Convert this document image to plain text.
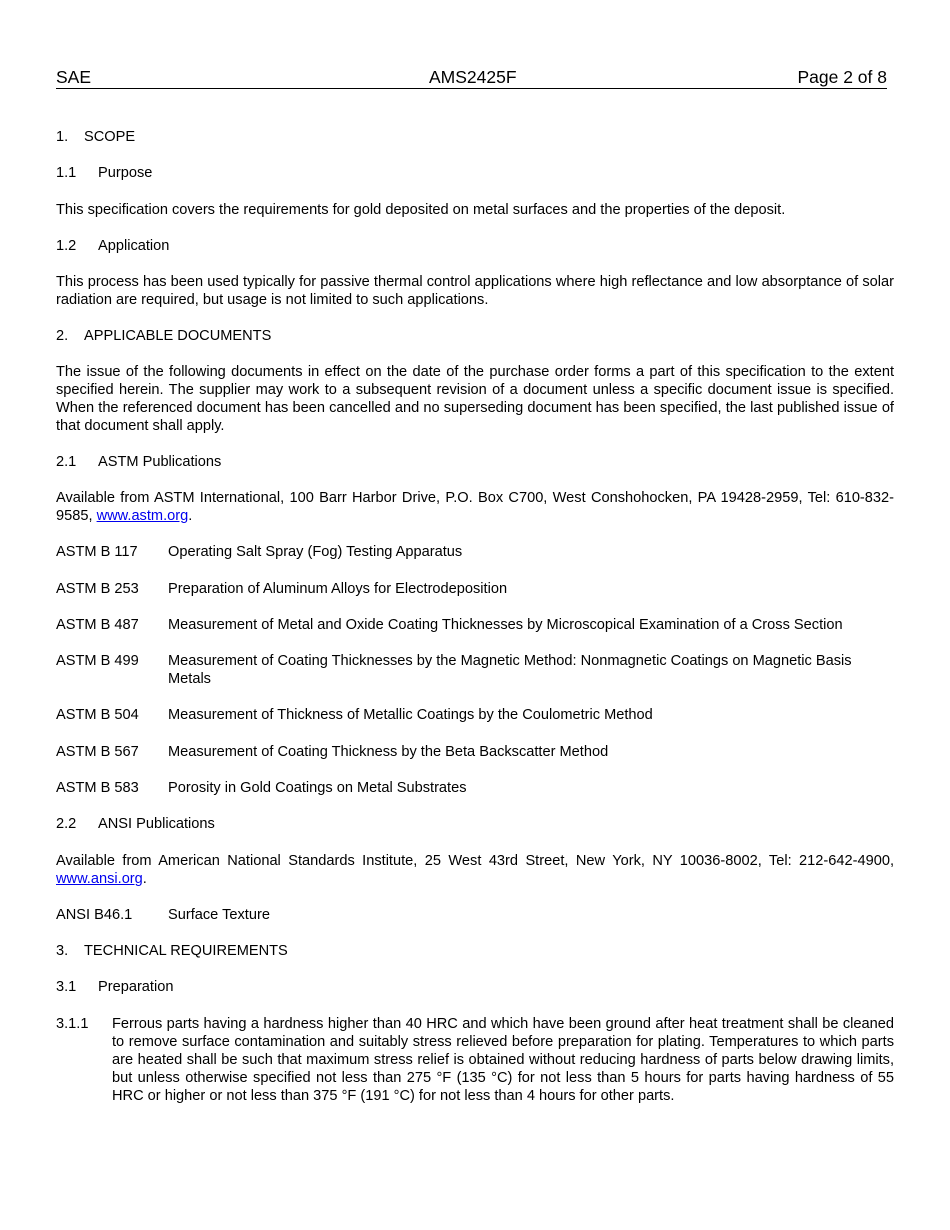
SAE	AMS2425F	Page 2 of 8
1. SCOPE
1.1 Purpose
This specification covers the requirements for gold deposited on metal surfaces and the properties of the deposit.
1.2 Application
This process has been used typically for passive thermal control applications where high reflectance and low absorptance of solar radiation are required, but usage is not limited to such applications.
2. APPLICABLE DOCUMENTS
The issue of the following documents in effect on the date of the purchase order forms a part of this specification to the extent specified herein. The supplier may work to a subsequent revision of a document unless a specific document issue is specified. When the referenced document has been cancelled and no superseding document has been specified, the last published issue of that document shall apply.
2.1 ASTM Publications
Available from ASTM International, 100 Barr Harbor Drive, P.O. Box C700, West Conshohocken, PA 19428-2959, Tel: 610-832-9585, www.astm.org.
ASTM B 117	Operating Salt Spray (Fog) Testing Apparatus
ASTM B 253	Preparation of Aluminum Alloys for Electrodeposition
ASTM B 487	Measurement of Metal and Oxide Coating Thicknesses by Microscopical Examination of a Cross Section
ASTM B 499	Measurement of Coating Thicknesses by the Magnetic Method: Nonmagnetic Coatings on Magnetic Basis Metals
ASTM B 504	Measurement of Thickness of Metallic Coatings by the Coulometric Method
ASTM B 567	Measurement of Coating Thickness by the Beta Backscatter Method
ASTM B 583	Porosity in Gold Coatings on Metal Substrates
2.2 ANSI Publications
Available from American National Standards Institute, 25 West 43rd Street, New York, NY 10036-8002, Tel: 212-642-4900, www.ansi.org.
ANSI B46.1	Surface Texture
3. TECHNICAL REQUIREMENTS
3.1 Preparation
3.1.1 Ferrous parts having a hardness higher than 40 HRC and which have been ground after heat treatment shall be cleaned to remove surface contamination and suitably stress relieved before preparation for plating. Temperatures to which parts are heated shall be such that maximum stress relief is obtained without reducing hardness of parts below drawing limits, but unless otherwise specified not less than 275 °F (135 °C) for not less than 5 hours for parts having hardness of 55 HRC or higher or not less than 375 °F (191 °C) for not less than 4 hours for other parts.
